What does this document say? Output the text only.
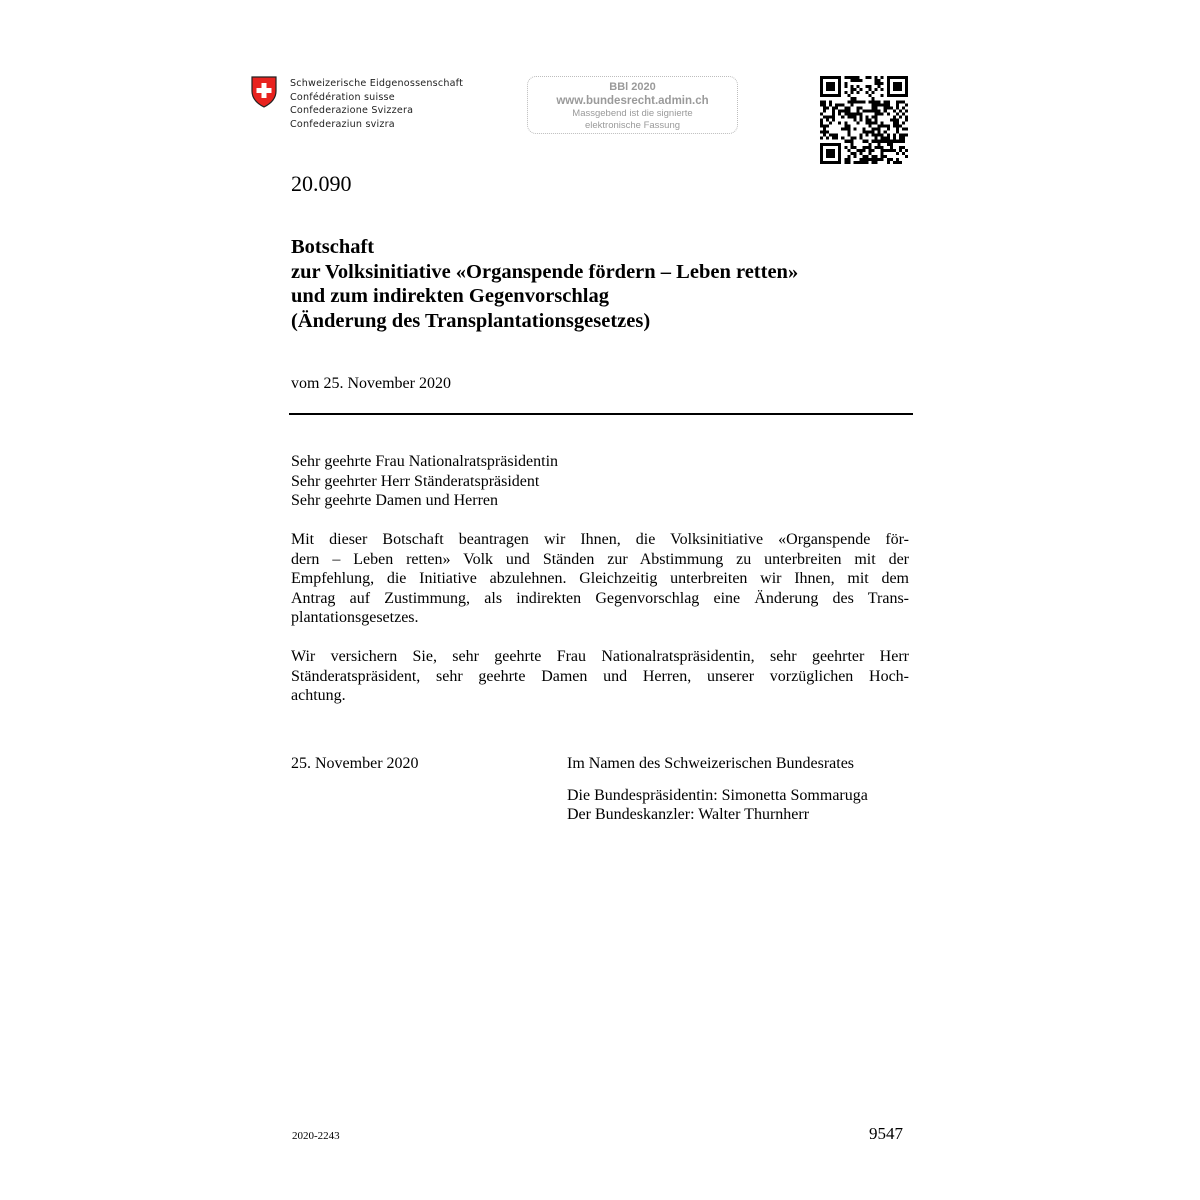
Schweizerische Eidgenossenschaft
Confédération suisse
Confederazione Svizzera
Confederaziun svizra
BBl 2020
www.bundesrecht.admin.ch
Massgebend ist die signierte
elektronische Fassung
20.090
Botschaft
zur Volksinitiative «Organspende fördern – Leben retten»
und zum indirekten Gegenvorschlag
(Änderung des Transplantationsgesetzes)
vom 25. November 2020
Sehr geehrte Frau Nationalratspräsidentin
Sehr geehrter Herr Ständeratspräsident
Sehr geehrte Damen und Herren
Mit dieser Botschaft beantragen wir Ihnen, die Volksinitiative «Organspende för-
dern – Leben retten» Volk und Ständen zur Abstimmung zu unterbreiten mit der
Empfehlung, die Initiative abzulehnen. Gleichzeitig unterbreiten wir Ihnen, mit dem
Antrag auf Zustimmung, als indirekten Gegenvorschlag eine Änderung des Trans-
plantationsgesetzes.
Wir versichern Sie, sehr geehrte Frau Nationalratspräsidentin, sehr geehrter Herr
Ständeratspräsident, sehr geehrte Damen und Herren, unserer vorzüglichen Hoch-
achtung.
25. November 2020	Im Namen des Schweizerischen Bundesrates
Die Bundespräsidentin: Simonetta Sommaruga
Der Bundeskanzler: Walter Thurnherr
2020-2243	9547
